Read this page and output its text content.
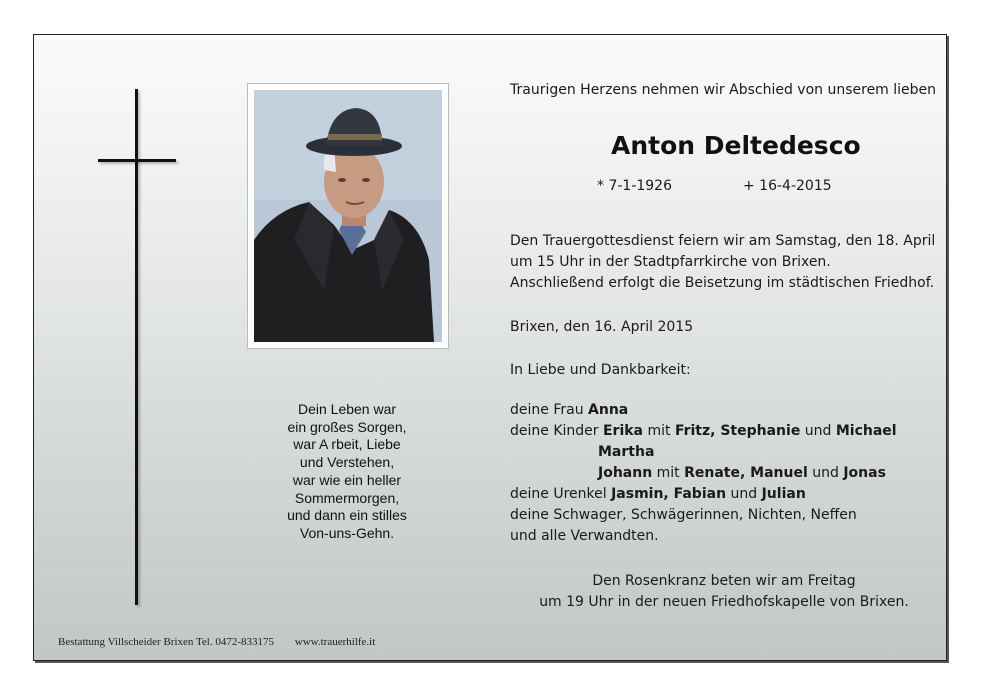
Dein Leben war
ein großes Sorgen,
war A rbeit, Liebe
und Verstehen,
war wie ein heller
Sommermorgen,
und dann ein stilles
Von-uns-Gehn.
Traurigen Herzens nehmen wir Abschied von unserem lieben
Anton Deltedesco
* 7-1-1926	+ 16-4-2015
Den Trauergottesdienst feiern wir am Samstag, den 18. April
um 15 Uhr in der Stadtpfarrkirche von Brixen.
Anschließend erfolgt die Beisetzung im städtischen Friedhof.
Brixen, den 16. April 2015
In Liebe und Dankbarkeit:
deine Frau Anna
deine Kinder Erika mit Fritz, Stephanie und Michael
Martha
Johann mit Renate, Manuel und Jonas
deine Urenkel Jasmin, Fabian und Julian
deine Schwager, Schwägerinnen, Nichten, Neffen
und alle Verwandten.
Den Rosenkranz beten wir am Freitag
um 19 Uhr in der neuen Friedhofskapelle von Brixen.
Bestattung Villscheider Brixen Tel. 0472-833175 www.trauerhilfe.it
